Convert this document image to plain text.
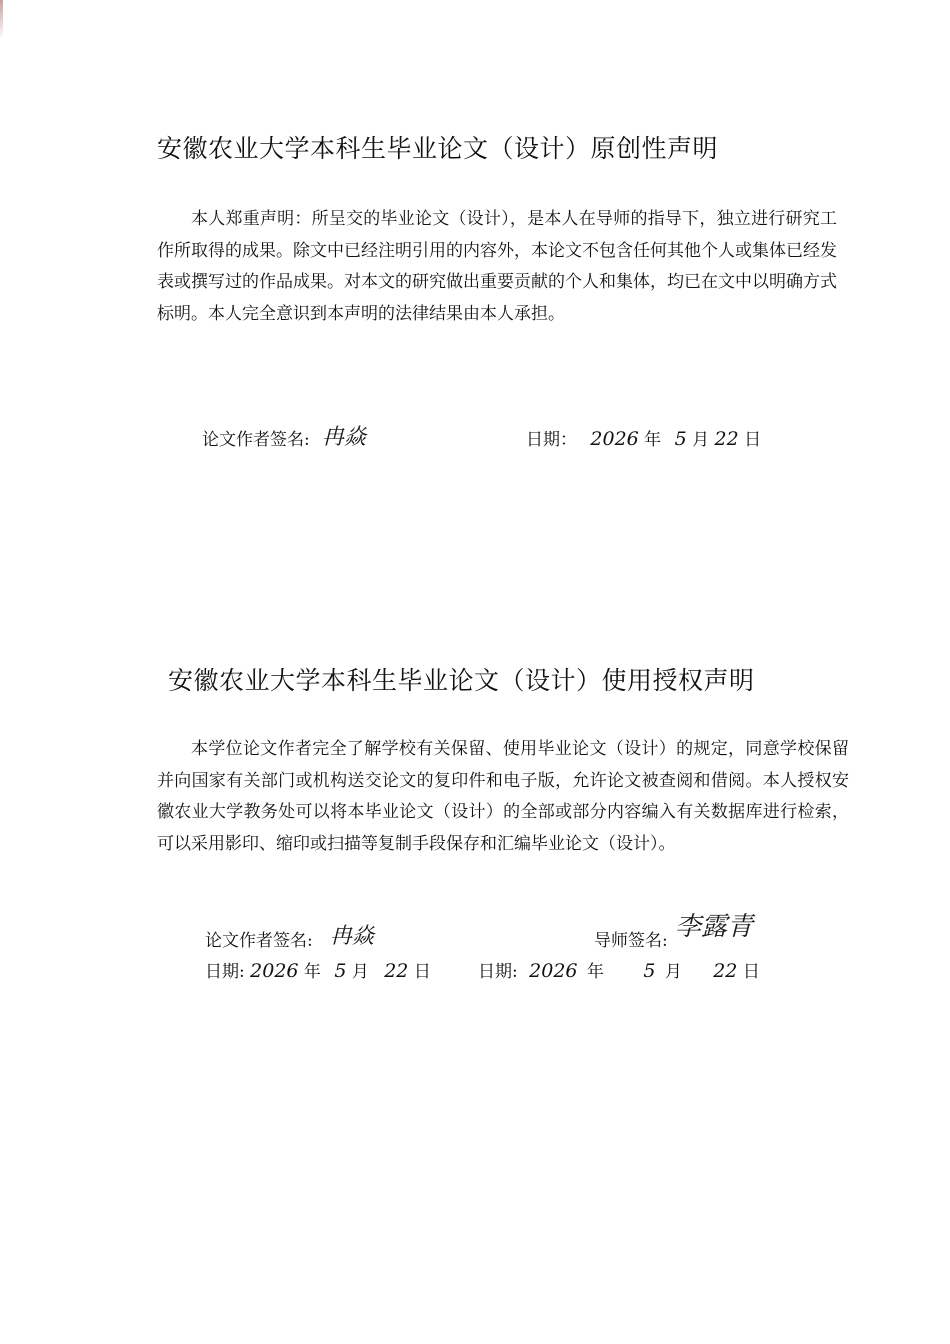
安徽农业大学本科生毕业论文（设计）原创性声明

本人郑重声明：所呈交的毕业论文（设计），是本人在导师的指导下，独立进行研究工作所取得的成果。除文中已经注明引用的内容外，本论文不包含任何其他个人或集体已经发表或撰写过的作品成果。对本文的研究做出重要贡献的个人和集体，均已在文中以明确方式标明。本人完全意识到本声明的法律结果由本人承担。

论文作者签名: 冉焱	日期： 2026 年 5 月 22 日
安徽农业大学本科生毕业论文（设计）使用授权声明

本学位论文作者完全了解学校有关保留、使用毕业论文（设计）的规定，同意学校保留并向国家有关部门或机构送交论文的复印件和电子版，允许论文被查阅和借阅。本人授权安徽农业大学教务处可以将本毕业论文（设计）的全部或部分内容编入有关数据库进行检索，可以采用影印、缩印或扫描等复制手段保存和汇编毕业论文（设计）。

论文作者签名: 冉焱	导师签名: 李露青
日期: 2026 年 5 月 22 日	日期: 2026 年 5 月 22 日
